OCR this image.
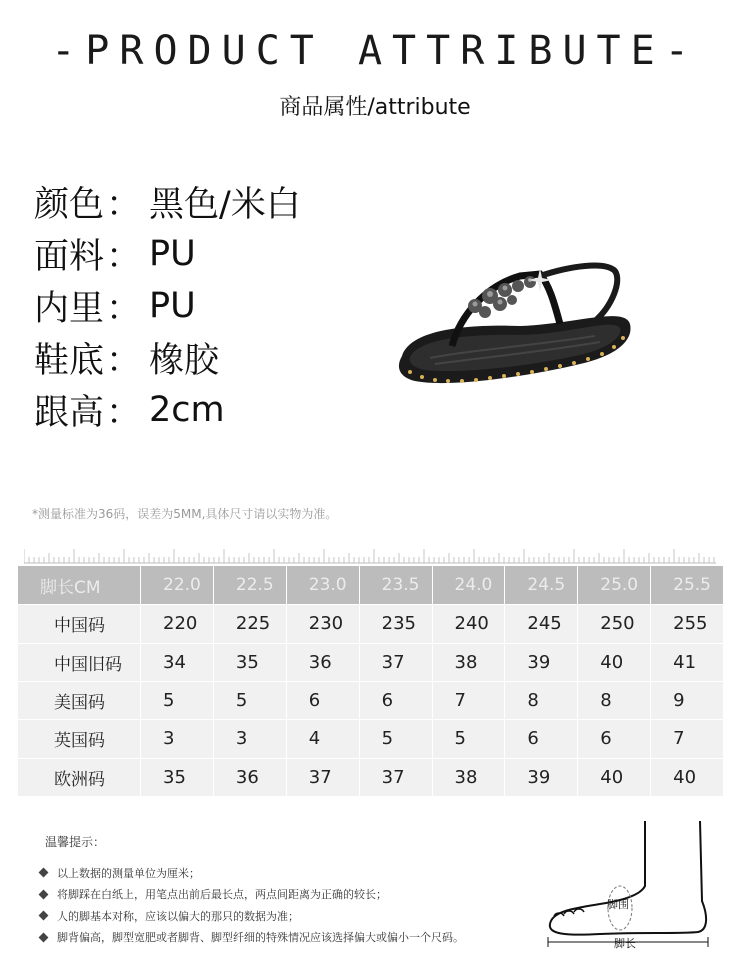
-PRODUCT ATTRIBUTE-
商品属性/attribute
颜色 ： 黑色/米白
面料 ： PU
内里 ： PU
鞋底 ： 橡胶
跟高 ： 2cm
*测量标准为36码，误差为5MM,具体尺寸请以实物为准。
脚长CM	22.0	22.5	23.0	23.5	24.0	24.5	25.0	25.5
中国码	220	225	230	235	240	245	250	255
中国旧码	34	35	36	37	38	39	40	41
美国码	5	5	6	6	7	8	8	9
英国码	3	3	4	5	5	6	6	7
欧洲码	35	36	37	37	38	39	40	40
温馨提示：
以上数据的测量单位为厘米；
将脚踩在白纸上，用笔点出前后最长点，两点间距离为正确的较长；
人的脚基本对称，应该以偏大的那只的数据为准；
脚背偏高，脚型宽肥或者脚背、脚型纤细的特殊情况应该选择偏大或偏小一个尺码。
脚围
脚长
